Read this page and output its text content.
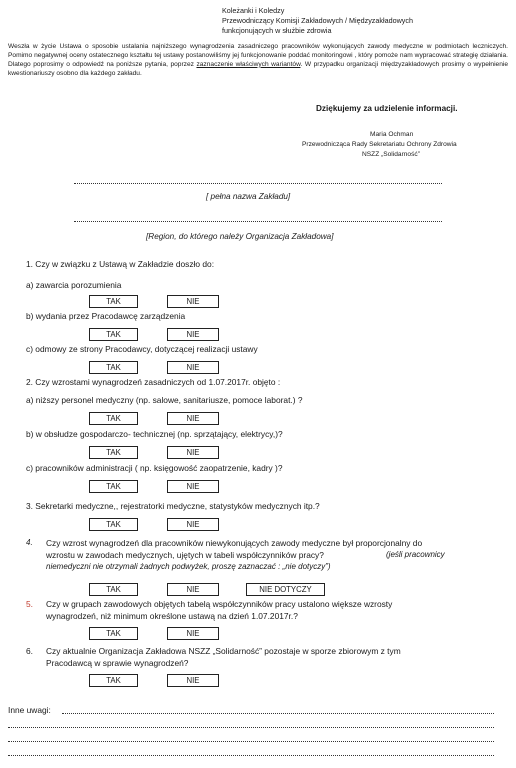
Koleżanki i Koledzy
Przewodniczący Komisji Zakładowych / Międzyzakładowych
funkcjonujących w służbie zdrowia
Weszła w życie Ustawa o sposobie ustalania najniższego wynagrodzenia zasadniczego pracowników wykonujących zawody medyczne w podmiotach leczniczych. Pomimo negatywnej oceny ostatecznego kształtu tej ustawy postanowiliśmy jej funkcjonowanie poddać monitoringowi , który pomoże nam wypracować strategię działania. Dlatego poprosimy o odpowiedź na poniższe pytania, poprzez zaznaczenie właściwych wariantów. W przypadku organizacji międzyzakładowych prosimy o wypełnienie kwestionariuszy osobno dla każdego zakładu.
Dziękujemy za udzielenie informacji.
Maria Ochman
Przewodnicząca Rady Sekretariatu Ochrony Zdrowia
NSZZ „Solidarność”
[ pełna nazwa Zakładu]
[Region, do którego należy Organizacja Zakładowa]
1. Czy w związku z Ustawą w Zakładzie doszło do:
a) zawarcia porozumienia
TAK	NIE
b) wydania przez Pracodawcę zarządzenia
TAK	NIE
c) odmowy ze strony Pracodawcy, dotyczącej realizacji ustawy
TAK	NIE
2. Czy wzrostami wynagrodzeń zasadniczych od 1.07.2017r. objęto :
a) niższy personel medyczny (np. salowe, sanitariusze, pomoce laborat.) ?
TAK	NIE
b) w obsłudze gospodarczo- technicznej (np. sprzątający, elektrycy,)?
TAK	NIE
c) pracowników administracji ( np. księgowość zaopatrzenie, kadry )?
TAK	NIE
3. Sekretarki medyczne,, rejestratorki medyczne, statystyków medycznych itp.?
TAK	NIE
4. Czy wzrost wynagrodzeń dla pracowników niewykonujących zawody medyczne był proporcjonalny do
wzrostu w zawodach medycznych, ujętych w tabeli współczynników pracy?	(jeśli pracownicy
niemedyczni nie otrzymali żadnych podwyżek, proszę zaznaczać : „nie dotyczy”)
TAK	NIE	NIE DOTYCZY
5. Czy w grupach zawodowych objętych tabelą współczynników pracy ustalono większe wzrosty
wynagrodzeń, niż minimum określone ustawą na dzień 1.07.2017r.?
TAK	NIE
6. Czy aktualnie Organizacja Zakładowa NSZZ „Solidarność” pozostaje w sporze zbiorowym z tym
Pracodawcą w sprawie wynagrodzeń?
TAK	NIE
Inne uwagi:
